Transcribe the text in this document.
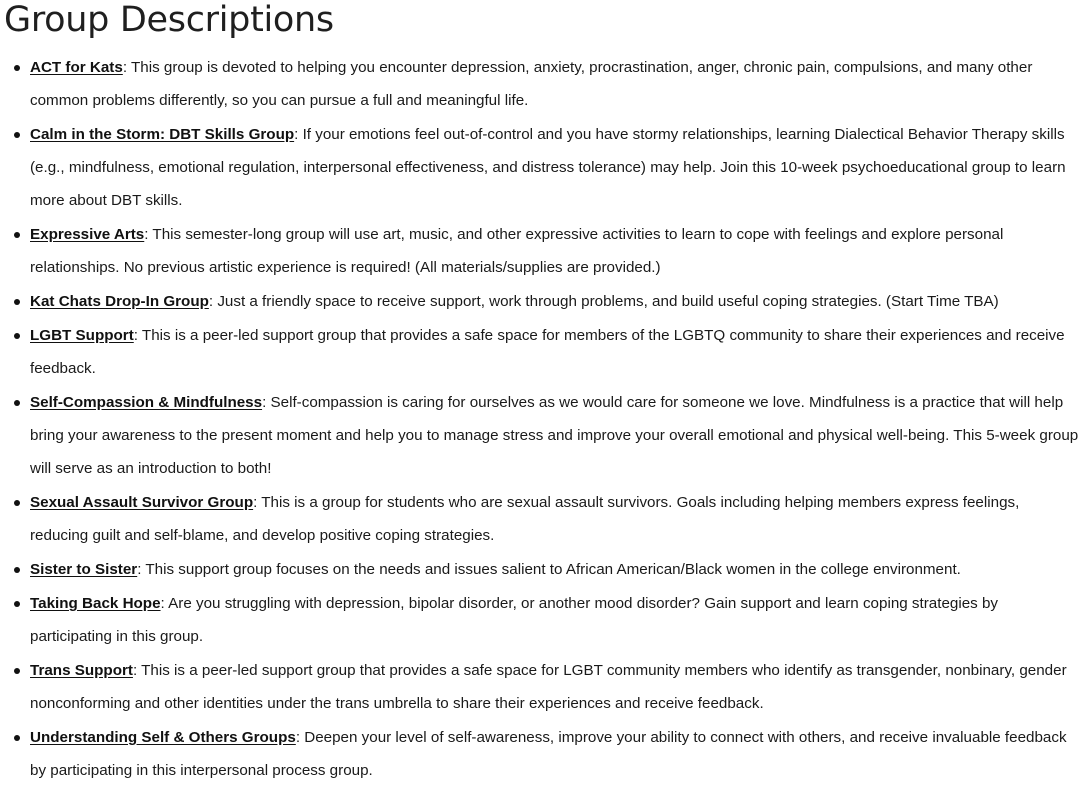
Group Descriptions
ACT for Kats: This group is devoted to helping you encounter depression, anxiety, procrastination, anger, chronic pain, compulsions, and many other common problems differently, so you can pursue a full and meaningful life.
Calm in the Storm: DBT Skills Group: If your emotions feel out-of-control and you have stormy relationships, learning Dialectical Behavior Therapy skills (e.g., mindfulness, emotional regulation, interpersonal effectiveness, and distress tolerance) may help. Join this 10-week psychoeducational group to learn more about DBT skills.
Expressive Arts: This semester-long group will use art, music, and other expressive activities to learn to cope with feelings and explore personal relationships. No previous artistic experience is required! (All materials/supplies are provided.)
Kat Chats Drop-In Group: Just a friendly space to receive support, work through problems, and build useful coping strategies. (Start Time TBA)
LGBT Support: This is a peer-led support group that provides a safe space for members of the LGBTQ community to share their experiences and receive feedback.
Self-Compassion & Mindfulness: Self-compassion is caring for ourselves as we would care for someone we love. Mindfulness is a practice that will help bring your awareness to the present moment and help you to manage stress and improve your overall emotional and physical well-being. This 5-week group will serve as an introduction to both!
Sexual Assault Survivor Group: This is a group for students who are sexual assault survivors. Goals including helping members express feelings, reducing guilt and self-blame, and develop positive coping strategies.
Sister to Sister: This support group focuses on the needs and issues salient to African American/Black women in the college environment.
Taking Back Hope: Are you struggling with depression, bipolar disorder, or another mood disorder? Gain support and learn coping strategies by participating in this group.
Trans Support: This is a peer-led support group that provides a safe space for LGBT community members who identify as transgender, nonbinary, gender nonconforming and other identities under the trans umbrella to share their experiences and receive feedback.
Understanding Self & Others Groups: Deepen your level of self-awareness, improve your ability to connect with others, and receive invaluable feedback by participating in this interpersonal process group.
